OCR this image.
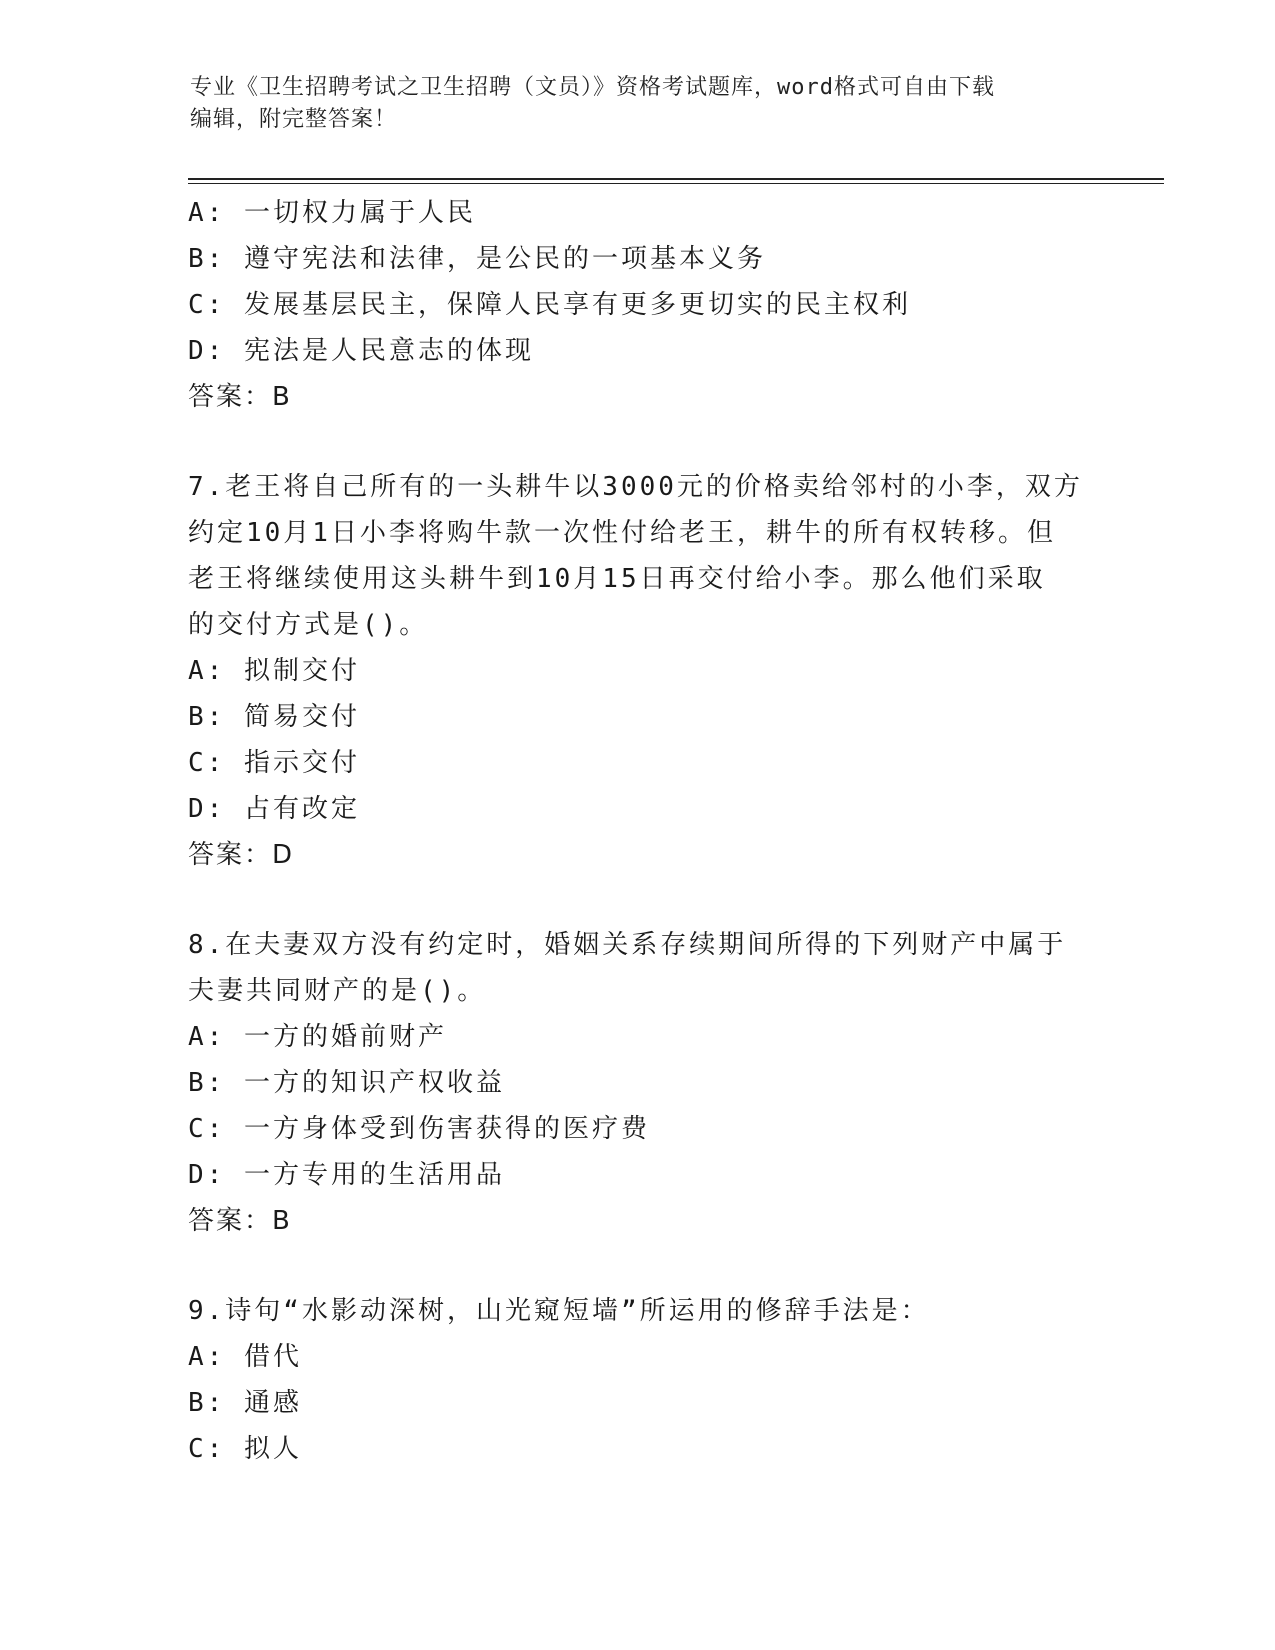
专业《卫生招聘考试之卫生招聘（文员）》资格考试题库，word格式可自由下载
编辑，附完整答案！
A: 一切权力属于人民
B: 遵守宪法和法律，是公民的一项基本义务
C: 发展基层民主，保障人民享有更多更切实的民主权利
D: 宪法是人民意志的体现
答案：B
7.老王将自己所有的一头耕牛以3000元的价格卖给邻村的小李，双方
约定10月1日小李将购牛款一次性付给老王，耕牛的所有权转移。但
老王将继续使用这头耕牛到10月15日再交付给小李。那么他们采取
的交付方式是()。
A: 拟制交付
B: 简易交付
C: 指示交付
D: 占有改定
答案：D
8.在夫妻双方没有约定时，婚姻关系存续期间所得的下列财产中属于
夫妻共同财产的是()。
A: 一方的婚前财产
B: 一方的知识产权收益
C: 一方身体受到伤害获得的医疗费
D: 一方专用的生活用品
答案：B
9.诗句“水影动深树，山光窥短墙”所运用的修辞手法是：
A: 借代
B: 通感
C: 拟人
